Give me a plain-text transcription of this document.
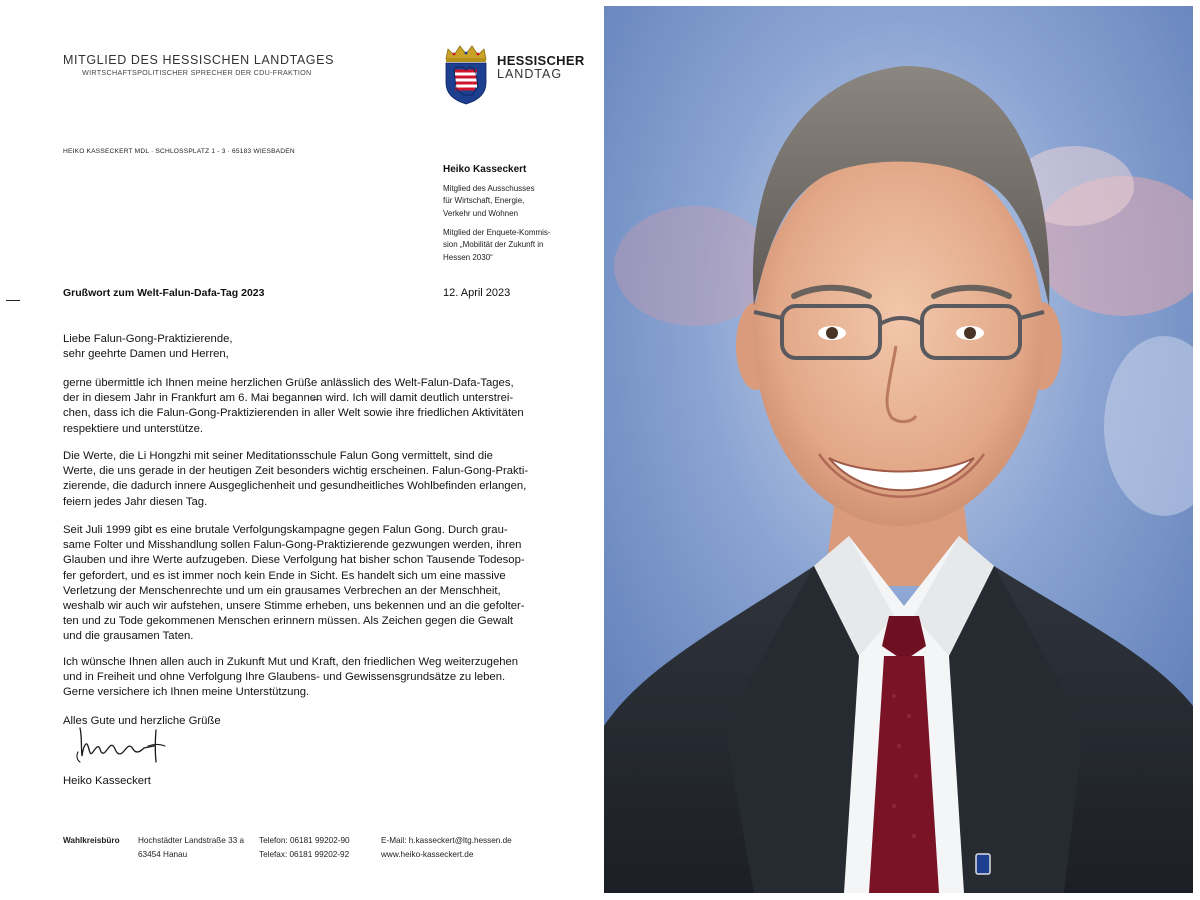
MITGLIED DES HESSISCHEN LANDTAGES
WIRTSCHAFTSPOLITISCHER SPRECHER DER CDU-FRAKTION
HESSISCHER
LANDTAG
HEIKO KASSECKERT MDL · SCHLOSSPLATZ 1 - 3 · 65183 WIESBADEN
Heiko Kasseckert
Mitglied des Ausschusses
für Wirtschaft, Energie,
Verkehr und Wohnen
Mitglied der Enquete-Kommis-
sion „Mobilität der Zukunft in
Hessen 2030“
Grußwort zum Welt-Falun-Dafa-Tag 2023	12. April 2023
Liebe Falun-Gong-Praktizierende,
sehr geehrte Damen und Herren,
gerne übermittle ich Ihnen meine herzlichen Grüße anlässlich des Welt-Falun-Dafa-Tages,
der in diesem Jahr in Frankfurt am 6. Mai beganne̶n wird. Ich will damit deutlich unterstrei-
chen, dass ich die Falun-Gong-Praktizierenden in aller Welt sowie ihre friedlichen Aktivitäten
respektiere und unterstütze.
Die Werte, die Li Hongzhi mit seiner Meditationsschule Falun Gong vermittelt, sind die
Werte, die uns gerade in der heutigen Zeit besonders wichtig erscheinen. Falun-Gong-Prakti-
zierende, die dadurch innere Ausgeglichenheit und gesundheitliches Wohlbefinden erlangen,
feiern jedes Jahr diesen Tag.
Seit Juli 1999 gibt es eine brutale Verfolgungskampagne gegen Falun Gong. Durch grau-
same Folter und Misshandlung sollen Falun-Gong-Praktizierende gezwungen werden, ihren
Glauben und ihre Werte aufzugeben. Diese Verfolgung hat bisher schon Tausende Todesop-
fer gefordert, und es ist immer noch kein Ende in Sicht. Es handelt sich um eine massive
Verletzung der Menschenrechte und um ein grausames Verbrechen an der Menschheit,
weshalb wir auch wir aufstehen, unsere Stimme erheben, uns bekennen und an die gefolter-
ten und zu Tode gekommenen Menschen erinnern müssen. Als Zeichen gegen die Gewalt
und die grausamen Taten.
Ich wünsche Ihnen allen auch in Zukunft Mut und Kraft, den friedlichen Weg weiterzugehen
und in Freiheit und ohne Verfolgung Ihre Glaubens- und Gewissensgrundsätze zu leben.
Gerne versichere ich Ihnen meine Unterstützung.
Alles Gute und herzliche Grüße
Heiko Kasseckert
Wahlkreisbüro Hochstädter Landstraße 33 a
63454 Hanau
Telefon: 06181 99202-90
Telefax: 06181 99202-92
E-Mail: h.kasseckert@ltg.hessen.de
www.heiko-kasseckert.de
